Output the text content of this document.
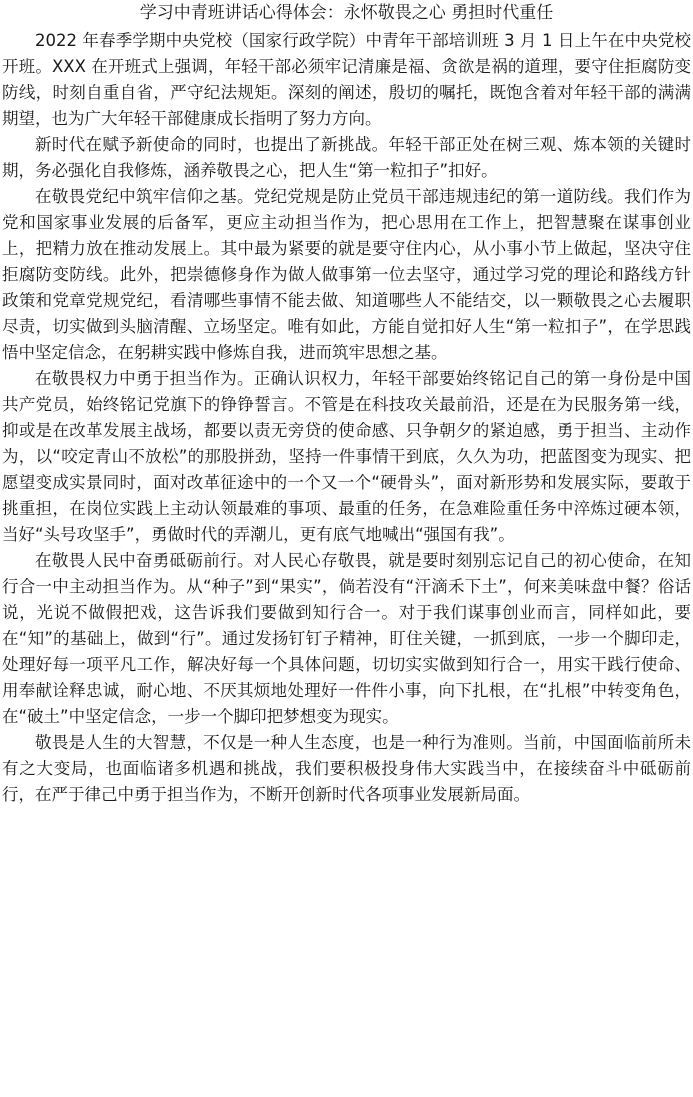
学习中青班讲话心得体会：永怀敬畏之心 勇担时代重任

2022 年春季学期中央党校（国家行政学院）中青年干部培训班 3 月 1 日上午在中央党校开班。XXX 在开班式上强调，年轻干部必须牢记清廉是福、贪欲是祸的道理，要守住拒腐防变防线，时刻自重自省，严守纪法规矩。深刻的阐述，殷切的嘱托，既饱含着对年轻干部的满满期望，也为广大年轻干部健康成长指明了努力方向。

新时代在赋予新使命的同时，也提出了新挑战。年轻干部正处在树三观、炼本领的关键时期，务必强化自我修炼，涵养敬畏之心，把人生“第一粒扣子”扣好。

在敬畏党纪中筑牢信仰之基。党纪党规是防止党员干部违规违纪的第一道防线。我们作为党和国家事业发展的后备军，更应主动担当作为，把心思用在工作上，把智慧聚在谋事创业上，把精力放在推动发展上。其中最为紧要的就是要守住内心，从小事小节上做起，坚决守住拒腐防变防线。此外，把崇德修身作为做人做事第一位去坚守，通过学习党的理论和路线方针政策和党章党规党纪，看清哪些事情不能去做、知道哪些人不能结交，以一颗敬畏之心去履职尽责，切实做到头脑清醒、立场坚定。唯有如此，方能自觉扣好人生“第一粒扣子”，在学思践悟中坚定信念，在躬耕实践中修炼自我，进而筑牢思想之基。

在敬畏权力中勇于担当作为。正确认识权力，年轻干部要始终铭记自己的第一身份是中国共产党员，始终铭记党旗下的铮铮誓言。不管是在科技攻关最前沿，还是在为民服务第一线，抑或是在改革发展主战场，都要以责无旁贷的使命感、只争朝夕的紧迫感，勇于担当、主动作为，以“咬定青山不放松”的那股拼劲，坚持一件事情干到底，久久为功，把蓝图变为现实、把愿望变成实景同时，面对改革征途中的一个又一个“硬骨头”，面对新形势和发展实际，要敢于挑重担，在岗位实践上主动认领最难的事项、最重的任务，在急难险重任务中淬炼过硬本领，当好“头号攻坚手”，勇做时代的弄潮儿，更有底气地喊出“强国有我”。

在敬畏人民中奋勇砥砺前行。对人民心存敬畏，就是要时刻别忘记自己的初心使命，在知行合一中主动担当作为。从“种子”到“果实”，倘若没有“汗滴禾下土”，何来美味盘中餐？俗话说，光说不做假把戏，这告诉我们要做到知行合一。对于我们谋事创业而言，同样如此，要在“知”的基础上，做到“行”。通过发扬钉钉子精神，盯住关键，一抓到底，一步一个脚印走，处理好每一项平凡工作，解决好每一个具体问题，切切实实做到知行合一，用实干践行使命、用奉献诠释忠诚，耐心地、不厌其烦地处理好一件件小事，向下扎根，在“扎根”中转变角色，在“破土”中坚定信念，一步一个脚印把梦想变为现实。

敬畏是人生的大智慧，不仅是一种人生态度，也是一种行为准则。当前，中国面临前所未有之大变局，也面临诸多机遇和挑战，我们要积极投身伟大实践当中，在接续奋斗中砥砺前行，在严于律己中勇于担当作为，不断开创新时代各项事业发展新局面。
